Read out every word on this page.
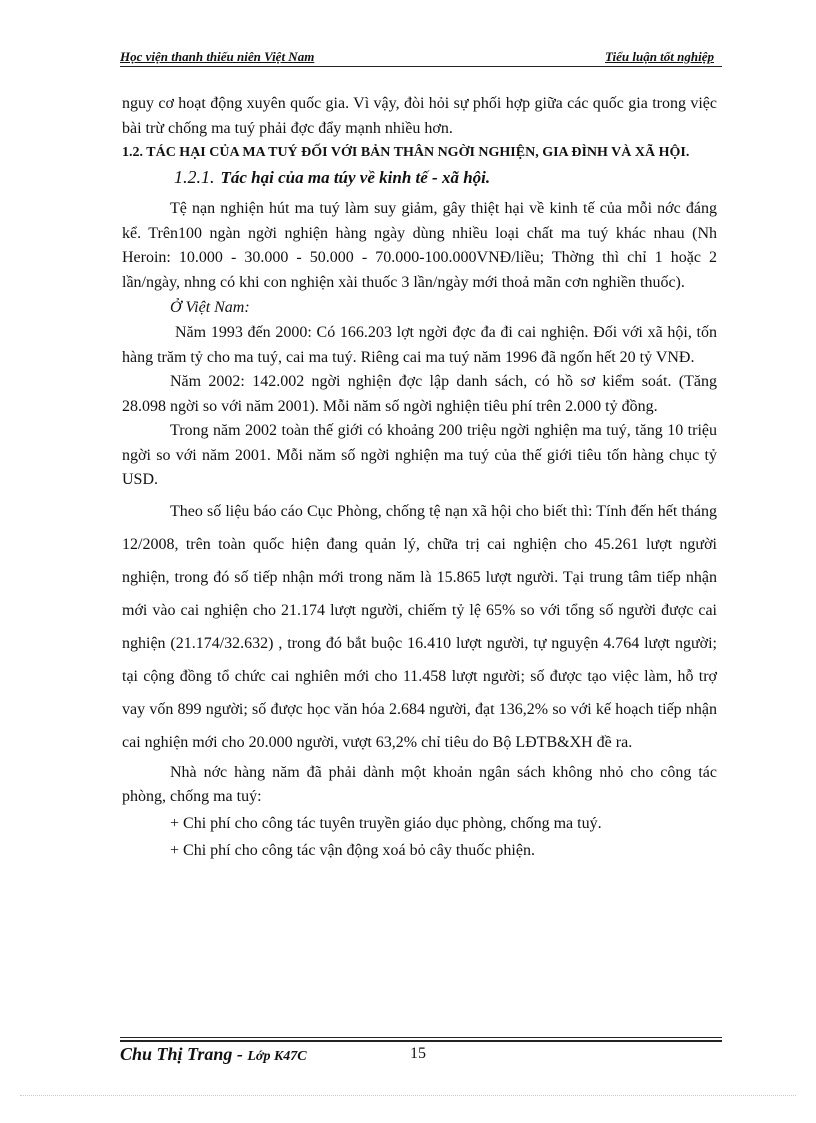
Học viện thanh thiếu niên Việt Nam	Tiểu luận tốt nghiệp

nguy cơ hoạt động xuyên quốc gia. Vì vậy, đòi hỏi sự phối hợp giữa các quốc gia trong việc bài trừ chống ma tuý phải đợc đẩy mạnh nhiều hơn.

1.2. TÁC HẠI CỦA MA TUÝ ĐỐI VỚI BẢN THÂN NGỜI NGHIỆN, GIA ĐÌNH VÀ XÃ HỘI.
1.2.1. Tác hại của ma túy về kinh tế - xã hội.

Tệ nạn nghiện hút ma tuý làm suy giảm, gây thiệt hại về kinh tế của mỗi nớc đáng kể. Trên100 ngàn ngời nghiện hàng ngày dùng nhiều loại chất ma tuý khác nhau (Nh Heroin: 10.000 - 30.000 - 50.000 - 70.000-100.000VNĐ/liều; Thờng thì chỉ 1 hoặc 2 lần/ngày, nhng có khi con nghiện xài thuốc 3 lần/ngày mới thoả mãn cơn nghiền thuốc).

Ở Việt Nam:

Năm 1993 đến 2000: Có 166.203 lợt ngời đợc đa đi cai nghiện. Đối với xã hội, tốn hàng trăm tỷ cho ma tuý, cai ma tuý. Riêng cai ma tuý năm 1996 đã ngốn hết 20 tỷ VNĐ.

Năm 2002: 142.002 ngời nghiện đợc lập danh sách, có hồ sơ kiểm soát. (Tăng 28.098 ngời so với năm 2001). Mỗi năm số ngời nghiện tiêu phí trên 2.000 tỷ đồng.

Trong năm 2002 toàn thế giới có khoảng 200 triệu ngời nghiện ma tuý, tăng 10 triệu ngời so với năm 2001. Mỗi năm số ngời nghiện ma tuý của thế giới tiêu tốn hàng chục tỷ USD.

Theo số liệu báo cáo Cục Phòng, chống tệ nạn xã hội cho biết thì: Tính đến hết tháng 12/2008, trên toàn quốc hiện đang quản lý, chữa trị cai nghiện cho 45.261 lượt người nghiện, trong đó số tiếp nhận mới trong năm là 15.865 lượt người. Tại trung tâm tiếp nhận mới vào cai nghiện cho 21.174 lượt người, chiếm tỷ lệ 65% so với tổng số người được cai nghiện (21.174/32.632) , trong đó bắt buộc 16.410 lượt người, tự nguyện 4.764 lượt người; tại cộng đồng tổ chức cai nghiên mới cho 11.458 lượt người; số được tạo việc làm, hỗ trợ vay vốn 899 người; số được học văn hóa 2.684 người, đạt 136,2% so với kế hoạch tiếp nhận cai nghiện mới cho 20.000 người, vượt 63,2% chỉ tiêu do Bộ LĐTB&XH đề ra.

Nhà nớc hàng năm đã phải dành một khoản ngân sách không nhỏ cho công tác phòng, chống ma tuý:

+ Chi phí cho công tác tuyên truyền giáo dục phòng, chống ma tuý.
+ Chi phí cho công tác vận động xoá bỏ cây thuốc phiện.
Chu Thị Trang - Lớp K47C	15
